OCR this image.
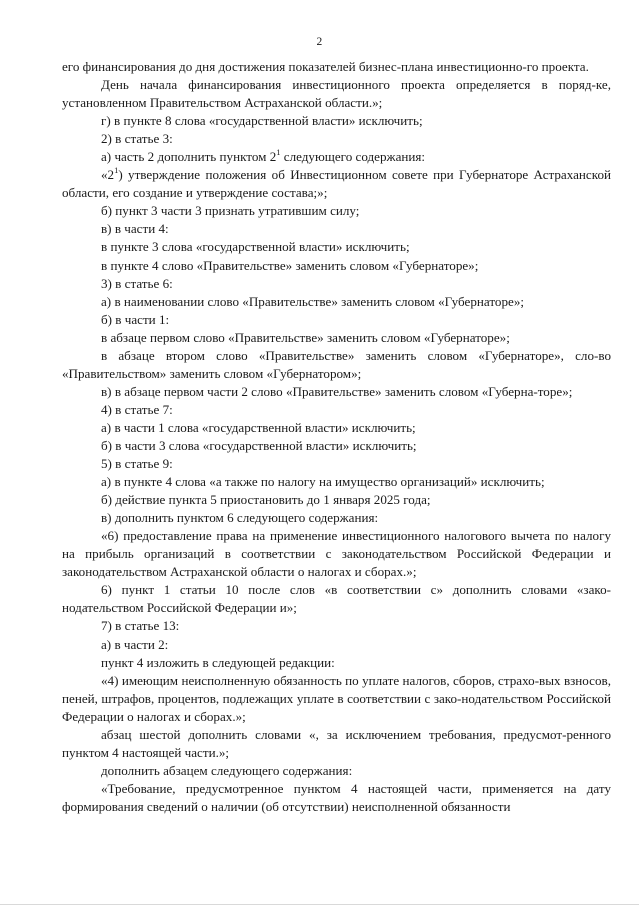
2

его финансирования до дня достижения показателей бизнес-плана инвестиционно-го проекта.

День начала финансирования инвестиционного проекта определяется в поряд-ке, установленном Правительством Астраханской области.»;

г) в пункте 8 слова «государственной власти» исключить;

2) в статье 3:

а) часть 2 дополнить пунктом $2^1$ следующего содержания:

«$2^1$) утверждение положения об Инвестиционном совете при Губернаторе Астраханской области, его создание и утверждение состава;»;

б) пункт 3 части 3 признать утратившим силу;

в) в части 4:

в пункте 3 слова «государственной власти» исключить;

в пункте 4 слово «Правительстве» заменить словом «Губернаторе»;

3) в статье 6:

а) в наименовании слово «Правительстве» заменить словом «Губернаторе»;

б) в части 1:

в абзаце первом слово «Правительстве» заменить словом «Губернаторе»;

в абзаце втором слово «Правительстве» заменить словом «Губернаторе», сло-во «Правительством» заменить словом «Губернатором»;

в) в абзаце первом части 2 слово «Правительстве» заменить словом «Губерна-торе»;

4) в статье 7:

а) в части 1 слова «государственной власти» исключить;

б) в части 3 слова «государственной власти» исключить;

5) в статье 9:

а) в пункте 4 слова «а также по налогу на имущество организаций» исключить;

б) действие пункта 5 приостановить до 1 января 2025 года;

в) дополнить пунктом 6 следующего содержания:

«6) предоставление права на применение инвестиционного налогового вычета по налогу на прибыль организаций в соответствии с законодательством Российской Федерации и законодательством Астраханской области о налогах и сборах.»;

6) пункт 1 статьи 10 после слов «в соответствии с» дополнить словами «зако-нодательством Российской Федерации и»;

7) в статье 13:

а) в части 2:

пункт 4 изложить в следующей редакции:

«4) имеющим неисполненную обязанность по уплате налогов, сборов, страхо-вых взносов, пеней, штрафов, процентов, подлежащих уплате в соответствии с зако-нодательством Российской Федерации о налогах и сборах.»;

абзац шестой дополнить словами «, за исключением требования, предусмот-ренного пунктом 4 настоящей части.»;

дополнить абзацем следующего содержания:

«Требование, предусмотренное пунктом 4 настоящей части, применяется на дату формирования сведений о наличии (об отсутствии) неисполненной обязанности
